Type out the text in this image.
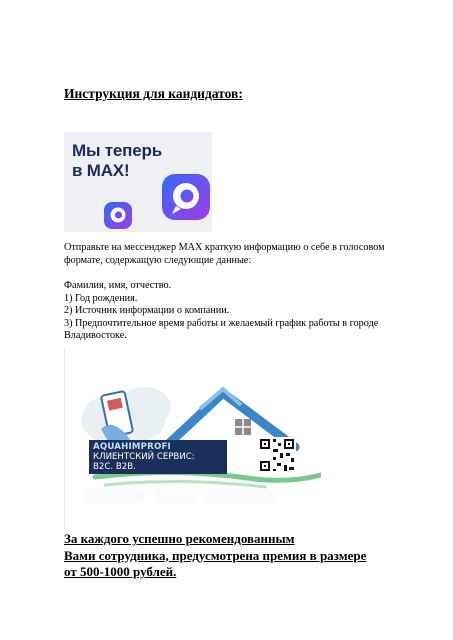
Инструкция для кандидатов:
Мы теперь
в MAX!
Отправьте на мессенджер MAX краткую информацию о себе в голосовом формате, содержащую следующие данные:
Фамилия, имя, отчество.
1) Год рождения.
2) Источник информации о компании.
3) Предпочтительное время работы и желаемый график работы в городе Владивостоке.
AQUAHIMPROFI
КЛИЕНТСКИЙ СЕРВИС:
B2C. B2B.
За каждого успешно рекомендованным
Вами сотрудника, предусмотрена премия в размере
от 500-1000 рублей.
